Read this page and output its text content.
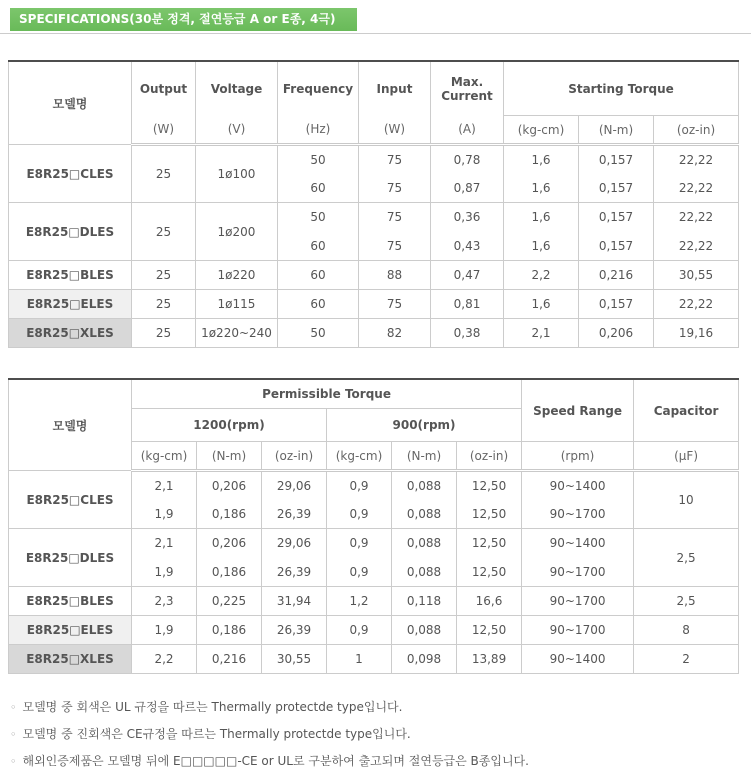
SPECIFICATIONS(30분 정격, 절연등급 A or E종, 4극)
모델명	Output	Voltage	Frequency	Input	Max. Current	Starting Torque		
	(W)	(V)	(Hz)	(W)	(A)	(kg-cm)	(N-m)	(oz-in)
E8R25□CLES	25	1ø100	50	75	0,78	1,6	0,157	22,22
			60	75	0,87	1,6	0,157	22,22
E8R25□DLES	25	1ø200	50	75	0,36	1,6	0,157	22,22
			60	75	0,43	1,6	0,157	22,22
E8R25□BLES	25	1ø220	60	88	0,47	2,2	0,216	30,55
E8R25□ELES	25	1ø115	60	75	0,81	1,6	0,157	22,22
E8R25□XLES	25	1ø220~240	50	82	0,38	2,1	0,206	19,16
모델명	Permissible Torque						Speed Range	Capacitor
	1200(rpm)			900(rpm)				
	(kg-cm)	(N-m)	(oz-in)	(kg-cm)	(N-m)	(oz-in)	(rpm)	(µF)
E8R25□CLES	2,1	0,206	29,06	0,9	0,088	12,50	90~1400	10
	1,9	0,186	26,39	0,9	0,088	12,50	90~1700	
E8R25□DLES	2,1	0,206	29,06	0,9	0,088	12,50	90~1400	2,5
	1,9	0,186	26,39	0,9	0,088	12,50	90~1700	
E8R25□BLES	2,3	0,225	31,94	1,2	0,118	16,6	90~1700	2,5
E8R25□ELES	1,9	0,186	26,39	0,9	0,088	12,50	90~1700	8
E8R25□XLES	2,2	0,216	30,55	1	0,098	13,89	90~1400	2
◦ 모델명 중 회색은 UL 규정을 따르는 Thermally protectde type입니다.
◦ 모델명 중 진회색은 CE규정을 따르는 Thermally protectde type입니다.
◦ 해외인증제품은 모델명 뒤에 E□□□□□-CE or UL로 구분하여 출고되며 절연등급은 B종입니다.
